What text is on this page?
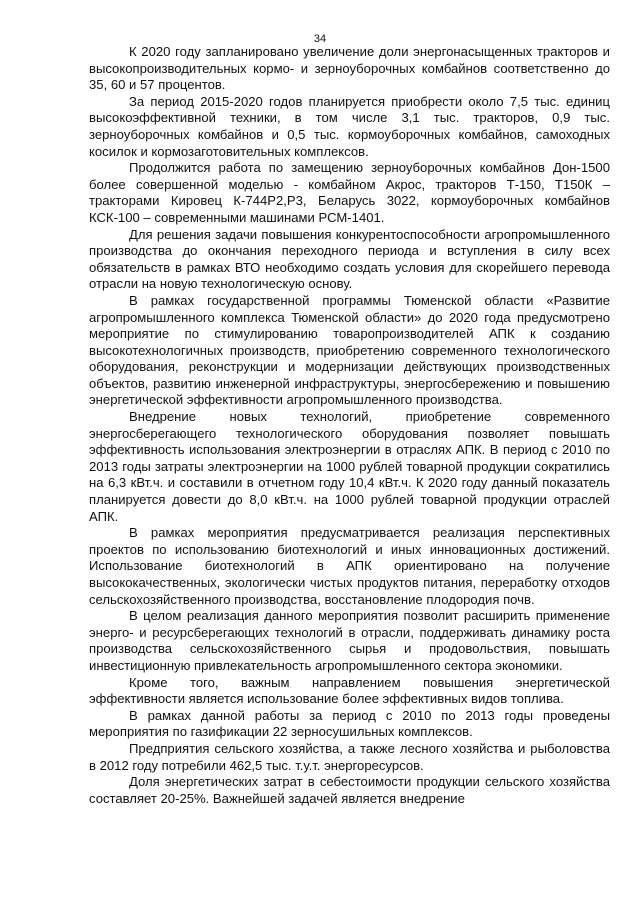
34

К 2020 году запланировано увеличение доли энергонасыщенных тракторов и высокопроизводительных кормо- и зерноуборочных комбайнов соответственно до 35, 60 и 57 процентов.

За период 2015-2020 годов планируется приобрести около 7,5 тыс. единиц высокоэффективной техники, в том числе 3,1 тыс. тракторов, 0,9 тыс. зерноуборочных комбайнов и 0,5 тыс. кормоуборочных комбайнов, самоходных косилок и кормозаготовительных комплексов.

Продолжится работа по замещению зерноуборочных комбайнов Дон-1500 более совершенной моделью - комбайном Акрос, тракторов Т-150, Т150К – тракторами Кировец К-744Р2,Р3, Беларусь 3022, кормоуборочных комбайнов КСК-100 – современными машинами РСМ-1401.

Для решения задачи повышения конкурентоспособности агропромышленного производства до окончания переходного периода и вступления в силу всех обязательств в рамках ВТО необходимо создать условия для скорейшего перевода отрасли на новую технологическую основу.

В рамках государственной программы Тюменской области «Развитие агропромышленного комплекса Тюменской области» до 2020 года предусмотрено мероприятие по стимулированию товаропроизводителей АПК к созданию высокотехнологичных производств, приобретению современного технологического оборудования, реконструкции и модернизации действующих производственных объектов, развитию инженерной инфраструктуры, энергосбережению и повышению энергетической эффективности агропромышленного производства.

Внедрение новых технологий, приобретение современного энергосберегающего технологического оборудования позволяет повышать эффективность использования электроэнергии в отраслях АПК. В период с 2010 по 2013 годы затраты электроэнергии на 1000 рублей товарной продукции сократились на 6,3 кВт.ч. и составили в отчетном году 10,4 кВт.ч. К 2020 году данный показатель планируется довести до 8,0 кВт.ч. на 1000 рублей товарной продукции отраслей АПК.

В рамках мероприятия предусматривается реализация перспективных проектов по использованию биотехнологий и иных инновационных достижений. Использование биотехнологий в АПК ориентировано на получение высококачественных, экологически чистых продуктов питания, переработку отходов сельскохозяйственного производства, восстановление плодородия почв.

В целом реализация данного мероприятия позволит расширить применение энерго- и ресурсберегающих технологий в отрасли, поддерживать динамику роста производства сельскохозяйственного сырья и продовольствия, повышать инвестиционную привлекательность агропромышленного сектора экономики.

Кроме того, важным направлением повышения энергетической эффективности является использование более эффективных видов топлива.

В рамках данной работы за период с 2010 по 2013 годы проведены мероприятия по газификации 22 зерносушильных комплексов.

Предприятия сельского хозяйства, а также лесного хозяйства и рыболовства в 2012 году потребили 462,5 тыс. т.у.т. энергоресурсов.

Доля энергетических затрат в себестоимости продукции сельского хозяйства составляет 20-25%. Важнейшей задачей является внедрение
